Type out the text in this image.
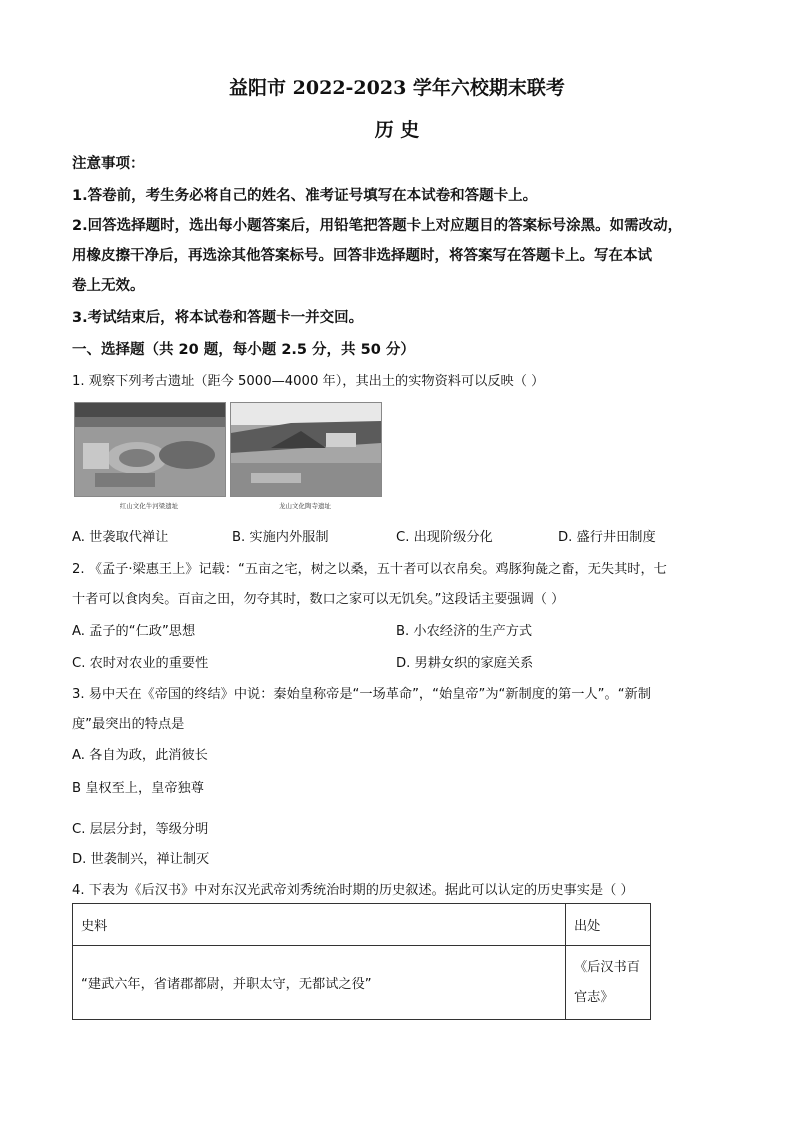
益阳市 2022-2023 学年六校期末联考
历 史
注意事项：
1.答卷前，考生务必将自己的姓名、准考证号填写在本试卷和答题卡上。
2.回答选择题时，选出每小题答案后，用铅笔把答题卡上对应题目的答案标号涂黑。如需改动，
用橡皮擦干净后，再选涂其他答案标号。回答非选择题时，将答案写在答题卡上。写在本试
卷上无效。
3.考试结束后，将本试卷和答题卡一并交回。
一、选择题（共 20 题，每小题 2.5 分，共 50 分）
1. 观察下列考古遗址（距今 5000—4000 年），其出土的实物资料可以反映（ ）
红山文化牛河梁遗址	龙山文化陶寺遗址
A. 世袭取代禅让	B. 实施内外服制	C. 出现阶级分化	D. 盛行井田制度
2. 《孟子·梁惠王上》记载：“五亩之宅，树之以桑，五十者可以衣帛矣。鸡豚狗彘之畜，无失其时，七
十者可以食肉矣。百亩之田，勿夺其时，数口之家可以无饥矣。”这段话主要强调（ ）
A. 孟子的“仁政”思想	B. 小农经济的生产方式
C. 农时对农业的重要性	D. 男耕女织的家庭关系
3. 易中天在《帝国的终结》中说：秦始皇称帝是“一场革命”，“始皇帝”为“新制度的第一人”。“新制
度”最突出的特点是
A. 各自为政，此消彼长
B 皇权至上，皇帝独尊
C. 层层分封，等级分明
D. 世袭制兴，禅让制灭
4. 下表为《后汉书》中对东汉光武帝刘秀统治时期的历史叙述。据此可以认定的历史事实是（ ）
史料	出处
“建武六年，省诸郡都尉，并职太守，无都试之役”	《后汉书百
官志》
